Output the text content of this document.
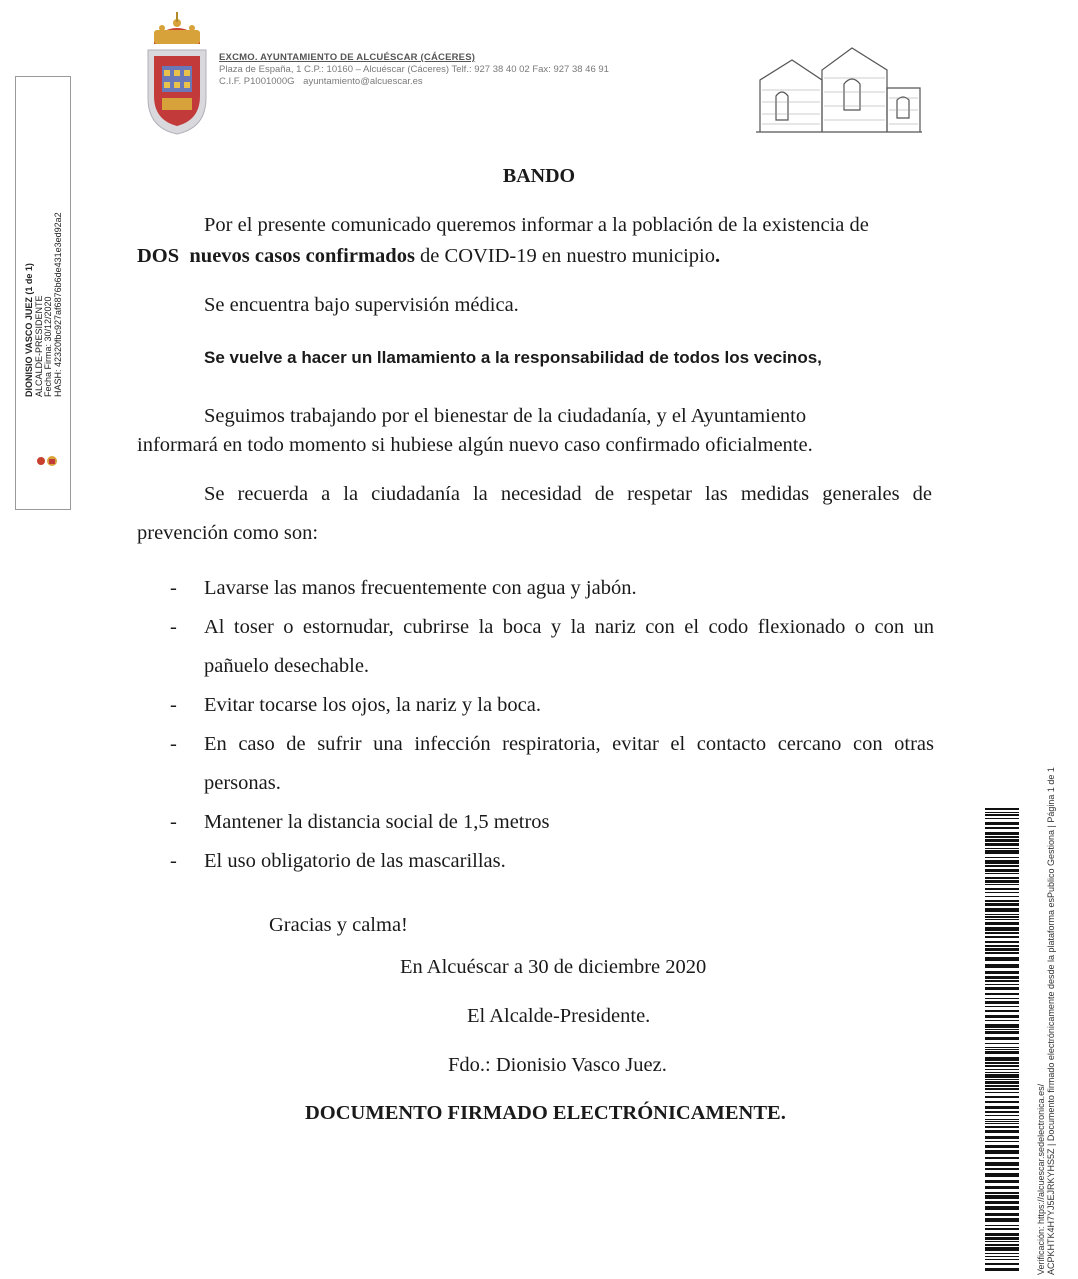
EXCMO. AYUNTAMIENTO DE ALCUÉSCAR (CÁCERES)
Plaza de España, 1 C.P.: 10160 – Alcuéscar (Cáceres) Telf.: 927 38 40 02 Fax: 927 38 46 91
C.I.F. P1001000G ayuntamiento@alcuescar.es
DIONISIO VASCO JUEZ (1 de 1) ALCALDE-PRESIDENTE Fecha Firma: 30/12/2020 HASH: 42320fbc927af6876b6de431e3ed92a2
BANDO
Por el presente comunicado queremos informar a la población de la existencia de
DOS nuevos casos confirmados de COVID-19 en nuestro municipio.
Se encuentra bajo supervisión médica.
Se vuelve a hacer un llamamiento a la responsabilidad de todos los vecinos,
Seguimos trabajando por el bienestar de la ciudadanía, y el Ayuntamiento
informará en todo momento si hubiese algún nuevo caso confirmado oficialmente.
Se recuerda a la ciudadanía la necesidad de respetar las medidas generales de
prevención como son:
- Lavarse las manos frecuentemente con agua y jabón.
- Al toser o estornudar, cubrirse la boca y la nariz con el codo flexionado o con un pañuelo desechable.
- Evitar tocarse los ojos, la nariz y la boca.
- En caso de sufrir una infección respiratoria, evitar el contacto cercano con otras personas.
- Mantener la distancia social de 1,5 metros
- El uso obligatorio de las mascarillas.
Gracias y calma!
En Alcuéscar a 30 de diciembre 2020
El Alcalde-Presidente.
Fdo.: Dionisio Vasco Juez.
DOCUMENTO FIRMADO ELECTRÓNICAMENTE.	Verificación: https://alcuescar.sedelectronica.es/ ACPKHTK4H7YJ5EJRKYHS5Z | Documento firmado electrónicamente desde la plataforma esPublico Gestiona | Página 1 de 1
